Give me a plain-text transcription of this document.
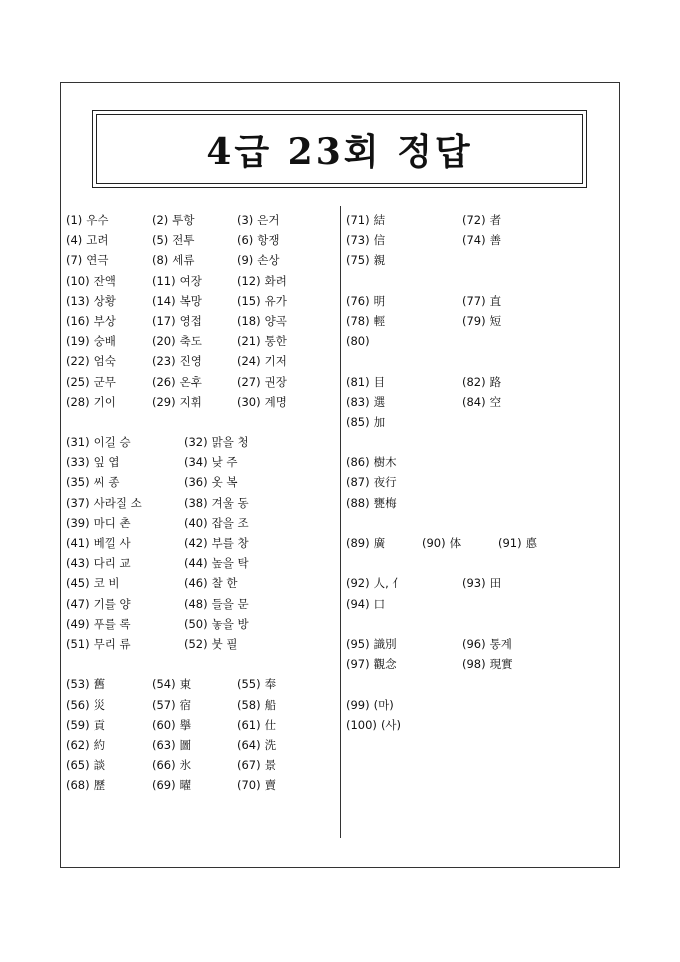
4급 23회 정답
(1) 우수	(2) 투항	(3) 은거
(4) 고려	(5) 전투	(6) 항쟁
(7) 연극	(8) 세류	(9) 손상
(10) 잔액	(11) 여장	(12) 화려
(13) 상황	(14) 복망	(15) 유가
(16) 부상	(17) 영접	(18) 양곡
(19) 숭배	(20) 축도	(21) 통한
(22) 엄숙	(23) 진영	(24) 기저
(25) 군무	(26) 온후	(27) 권장
(28) 기이	(29) 지휘	(30) 계명
(31) 이길 승	(32) 맑을 청
(33) 잎 엽	(34) 낮 주
(35) 씨 종	(36) 옷 복
(37) 사라질 소	(38) 겨울 동
(39) 마디 촌	(40) 잡을 조
(41) 베낄 사	(42) 부를 창
(43) 다리 교	(44) 높을 탁
(45) 코 비	(46) 찰 한
(47) 기를 양	(48) 들을 문
(49) 푸를 록	(50) 놓을 방
(51) 무리 류	(52) 붓 필
(53) 舊	(54) 東	(55) 奉
(56) 災	(57) 宿	(58) 船
(59) 貢	(60) 擧	(61) 仕
(62) 約	(63) 圖	(64) 洗
(65) 談	(66) 氷	(67) 景
(68) 歷	(69) 曜	(70) 賣
(71) 結	(72) 者
(73) 信	(74) 善
(75) 親
(76) 明	(77) 直
(78) 輕	(79) 短
(80)
(81) 目	(82) 路
(83) 選	(84) 空
(85) 加
(86) 樹木
(87) 夜行
(88) 甕梅
(89) 廣	(90) 体	(91) 悳
(92) 人, 亻	(93) 田
(94) 口
(95) 識別	(96) 통계
(97) 觀念	(98) 現實
(99) (마)
(100) (사)
